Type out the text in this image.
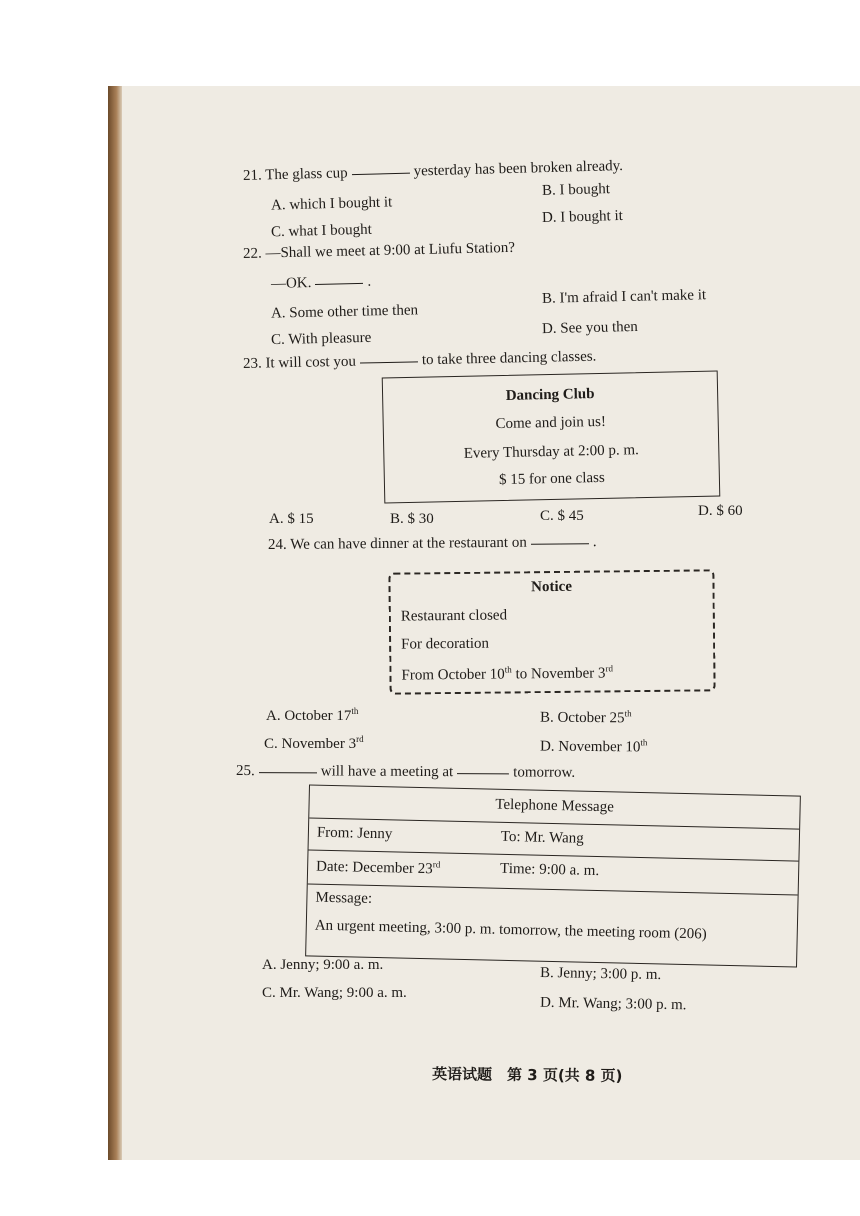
21. The glass cup	yesterday has been broken already.
A. which I bought it
B. I bought
C. what I bought
D. I bought it
22. —Shall we meet at 9:00 at Liufu Station?
—OK.	.
A. Some other time then
B. I'm afraid I can't make it
C. With pleasure
D. See you then
23. It will cost you	to take three dancing classes.
Dancing Club
Come and join us!
Every Thursday at 2:00 p. m.
$ 15 for one class
A. $ 15	B. $ 30	C. $ 45	D. $ 60
24. We can have dinner at the restaurant on	.
Notice
Restaurant closed
For decoration
From October 10th to November 3rd
A. October 17th	B. October 25th
C. November 3rd	D. November 10th
25.	will have a meeting at	tomorrow.
Telephone Message
From: Jenny	To: Mr. Wang
Date: December 23rd	Time: 9:00 a. m.
Message:
An urgent meeting, 3:00 p. m. tomorrow, the meeting room (206)
A. Jenny; 9:00 a. m.	B. Jenny; 3:00 p. m.
C. Mr. Wang; 9:00 a. m.
D. Mr. Wang; 3:00 p. m.
英语试题　第 3 页(共 8 页)
